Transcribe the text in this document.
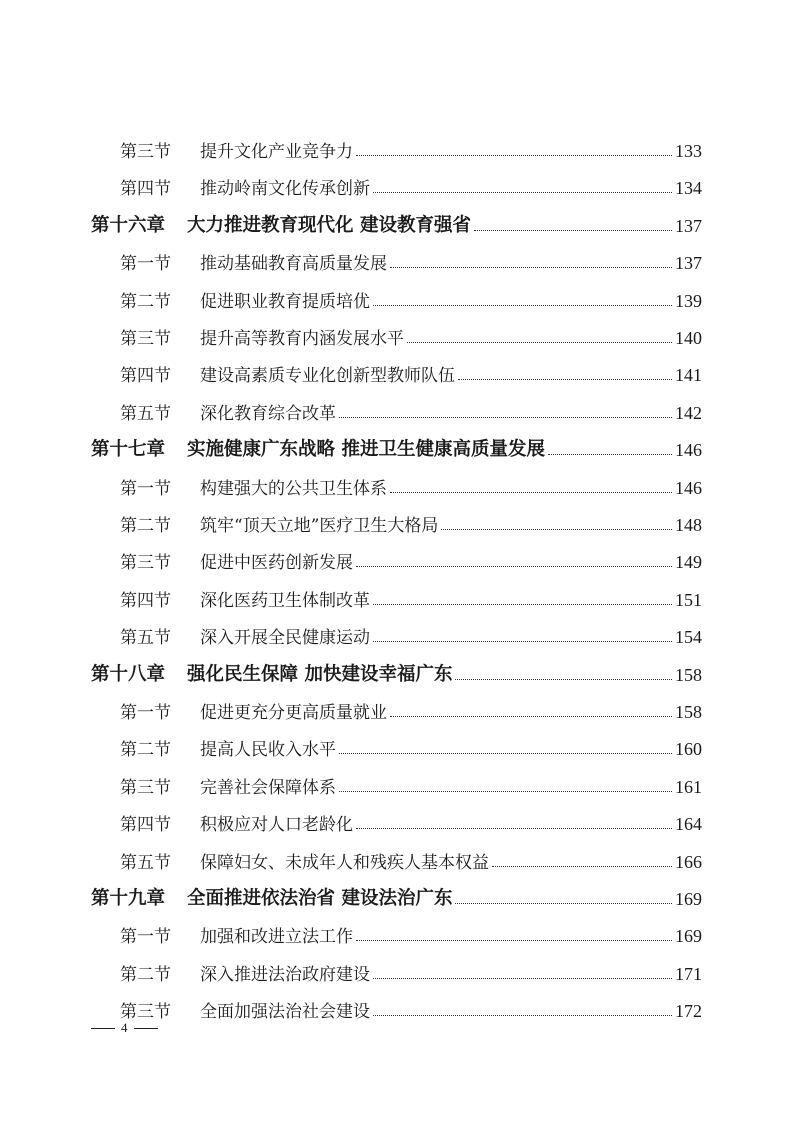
第三节	提升文化产业竞争力	133
第四节	推动岭南文化传承创新	134
第十六章	大力推进教育现代化 建设教育强省	137
第一节	推动基础教育高质量发展	137
第二节	促进职业教育提质培优	139
第三节	提升高等教育内涵发展水平	140
第四节	建设高素质专业化创新型教师队伍	141
第五节	深化教育综合改革	142
第十七章	实施健康广东战略 推进卫生健康高质量发展	146
第一节	构建强大的公共卫生体系	146
第二节	筑牢“顶天立地”医疗卫生大格局	148
第三节	促进中医药创新发展	149
第四节	深化医药卫生体制改革	151
第五节	深入开展全民健康运动	154
第十八章	强化民生保障 加快建设幸福广东	158
第一节	促进更充分更高质量就业	158
第二节	提高人民收入水平	160
第三节	完善社会保障体系	161
第四节	积极应对人口老龄化	164
第五节	保障妇女、未成年人和残疾人基本权益	166
第十九章	全面推进依法治省 建设法治广东	169
第一节	加强和改进立法工作	169
第二节	深入推进法治政府建设	171
第三节	全面加强法治社会建设	172
4
